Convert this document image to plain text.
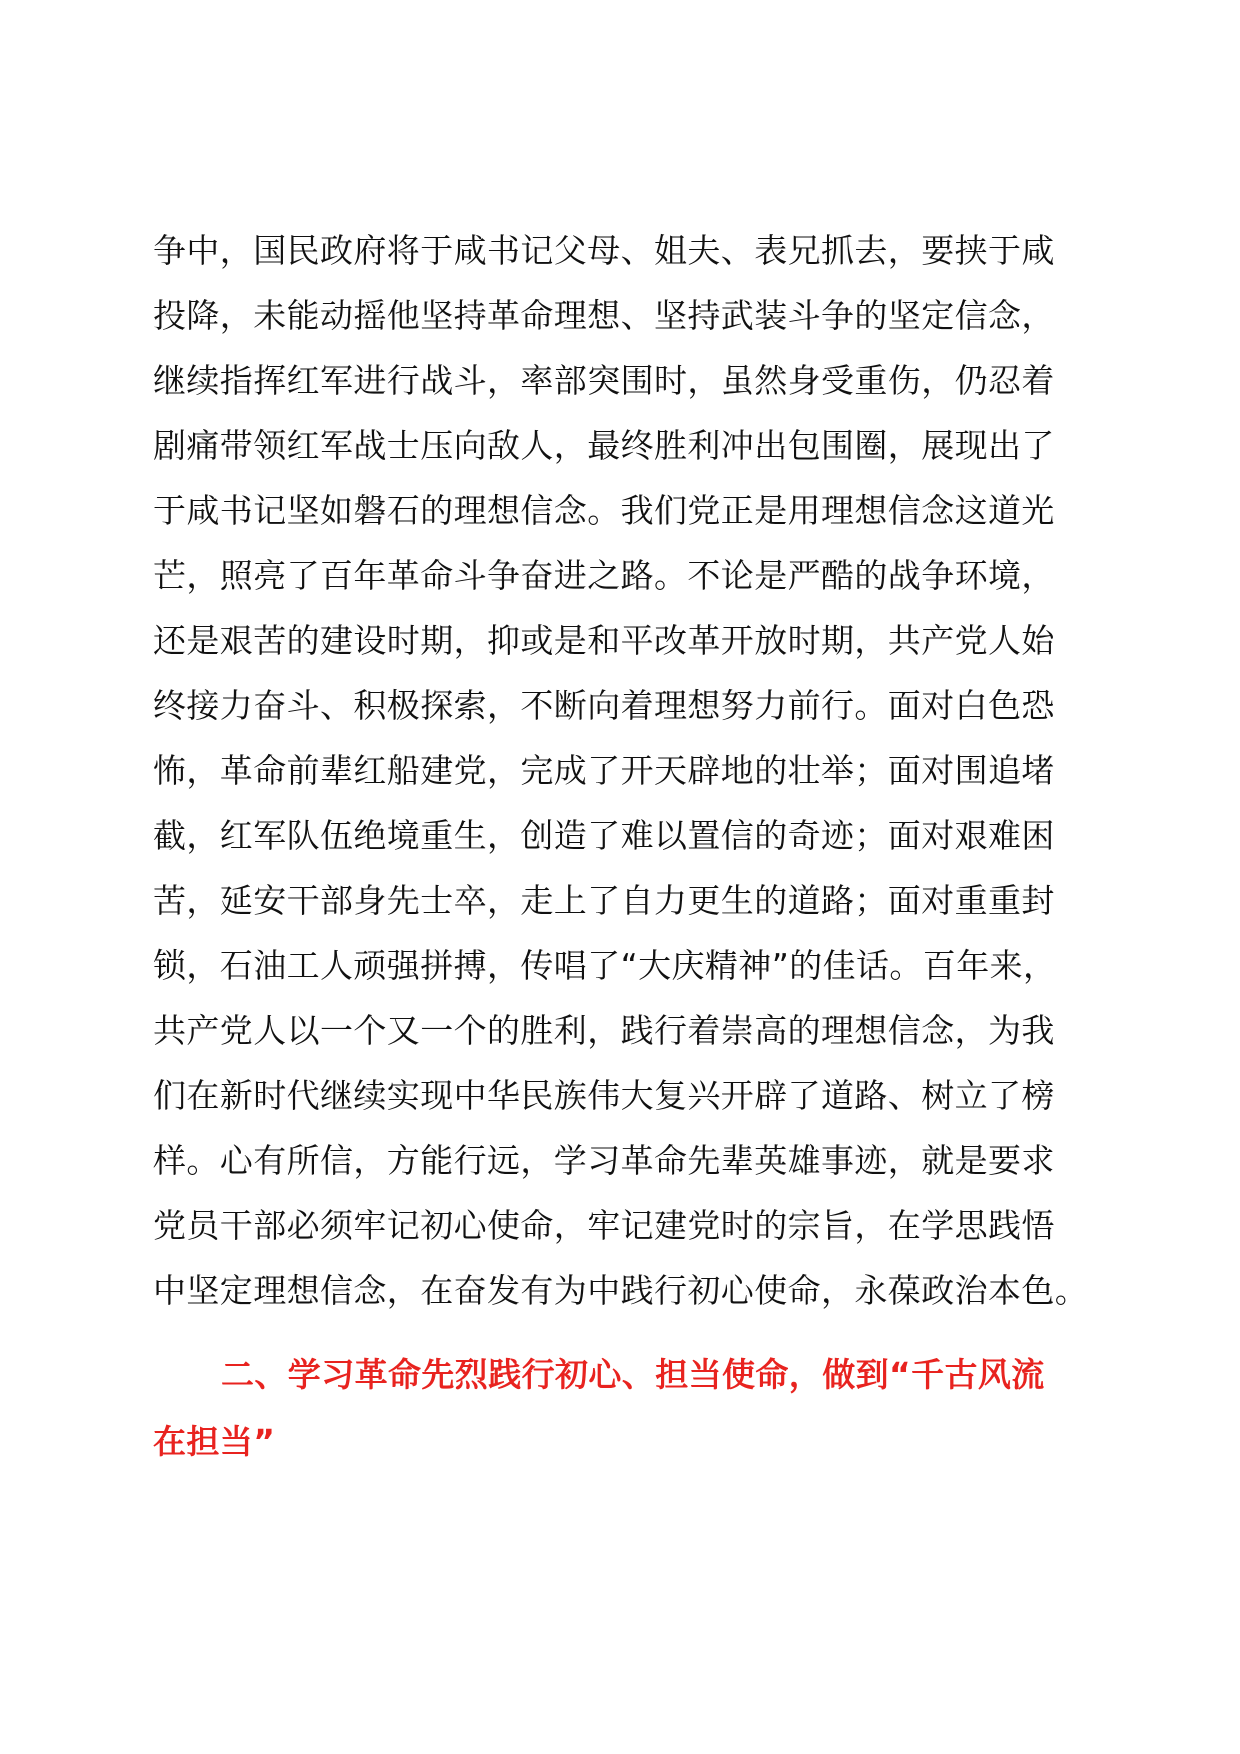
争中，国民政府将于咸书记父母、姐夫、表兄抓去，要挟于咸
投降，未能动摇他坚持革命理想、坚持武装斗争的坚定信念，
继续指挥红军进行战斗，率部突围时，虽然身受重伤，仍忍着
剧痛带领红军战士压向敌人，最终胜利冲出包围圈，展现出了
于咸书记坚如磐石的理想信念。我们党正是用理想信念这道光
芒，照亮了百年革命斗争奋进之路。不论是严酷的战争环境，
还是艰苦的建设时期，抑或是和平改革开放时期，共产党人始
终接力奋斗、积极探索，不断向着理想努力前行。面对白色恐
怖，革命前辈红船建党，完成了开天辟地的壮举；面对围追堵
截，红军队伍绝境重生，创造了难以置信的奇迹；面对艰难困
苦，延安干部身先士卒，走上了自力更生的道路；面对重重封
锁，石油工人顽强拼搏，传唱了“大庆精神”的佳话。百年来，
共产党人以一个又一个的胜利，践行着崇高的理想信念，为我
们在新时代继续实现中华民族伟大复兴开辟了道路、树立了榜
样。心有所信，方能行远，学习革命先辈英雄事迹，就是要求
党员干部必须牢记初心使命，牢记建党时的宗旨，在学思践悟
中坚定理想信念，在奋发有为中践行初心使命，永葆政治本色。
二、学习革命先烈践行初心、担当使命，做到“千古风流
在担当”
